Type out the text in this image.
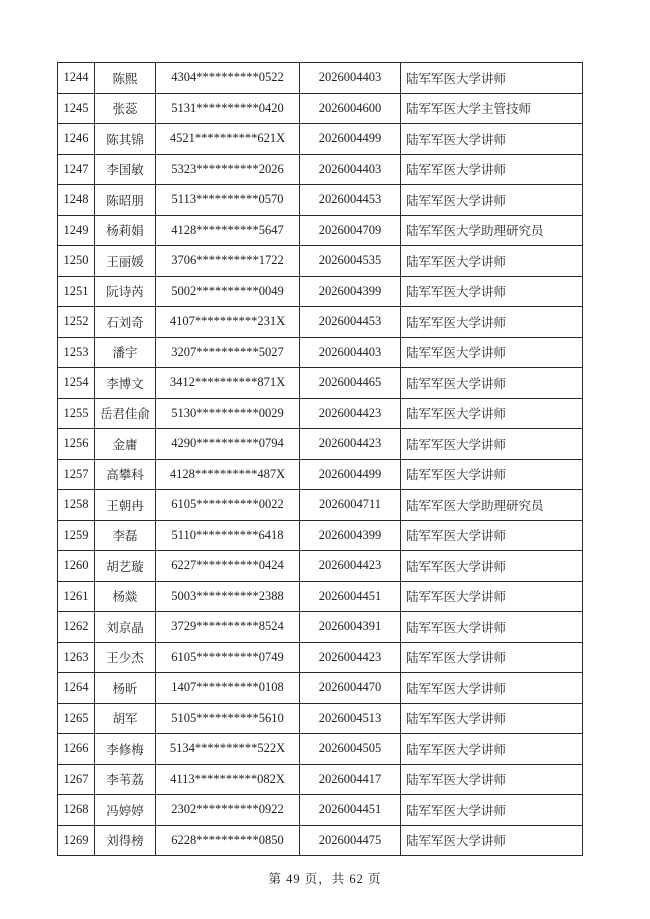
1244	陈熙	4304**********0522	2026004403	陆军军医大学讲师
1245	张蕊	5131**********0420	2026004600	陆军军医大学主管技师
1246	陈其锦	4521**********621X	2026004499	陆军军医大学讲师
1247	李国敏	5323**********2026	2026004403	陆军军医大学讲师
1248	陈昭朋	5113**********0570	2026004453	陆军军医大学讲师
1249	杨莉娟	4128**********5647	2026004709	陆军军医大学助理研究员
1250	王丽媛	3706**********1722	2026004535	陆军军医大学讲师
1251	阮诗芮	5002**********0049	2026004399	陆军军医大学讲师
1252	石刘奇	4107**********231X	2026004453	陆军军医大学讲师
1253	潘宇	3207**********5027	2026004403	陆军军医大学讲师
1254	李博文	3412**********871X	2026004465	陆军军医大学讲师
1255	岳君佳俞	5130**********0029	2026004423	陆军军医大学讲师
1256	金庸	4290**********0794	2026004423	陆军军医大学讲师
1257	高攀科	4128**********487X	2026004499	陆军军医大学讲师
1258	王朝冉	6105**********0022	2026004711	陆军军医大学助理研究员
1259	李磊	5110**********6418	2026004399	陆军军医大学讲师
1260	胡艺璇	6227**********0424	2026004423	陆军军医大学讲师
1261	杨燚	5003**********2388	2026004451	陆军军医大学讲师
1262	刘京晶	3729**********8524	2026004391	陆军军医大学讲师
1263	王少杰	6105**********0749	2026004423	陆军军医大学讲师
1264	杨昕	1407**********0108	2026004470	陆军军医大学讲师
1265	胡军	5105**********5610	2026004513	陆军军医大学讲师
1266	李修梅	5134**********522X	2026004505	陆军军医大学讲师
1267	李苇荔	4113**********082X	2026004417	陆军军医大学讲师
1268	冯婷婷	2302**********0922	2026004451	陆军军医大学讲师
1269	刘得榜	6228**********0850	2026004475	陆军军医大学讲师
第 49 页，共 62 页
